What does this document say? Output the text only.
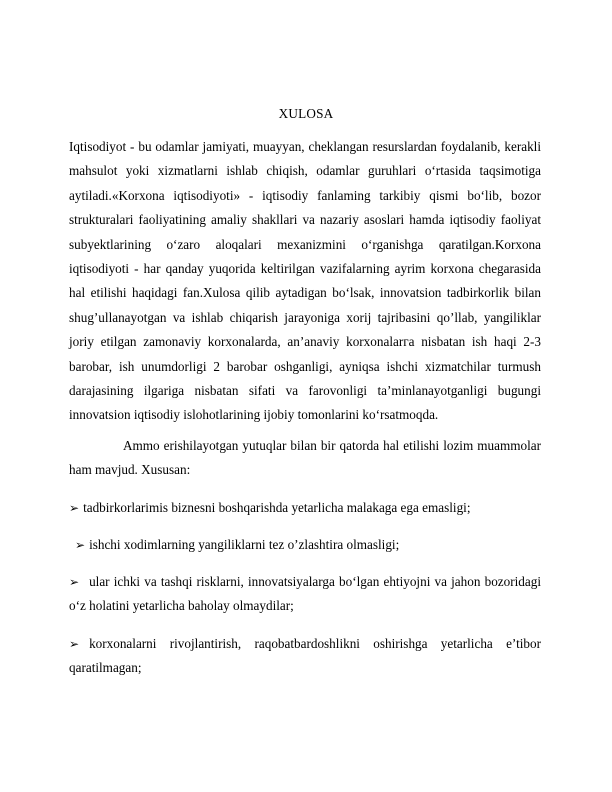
XULOSA

Iqtisodiyot - bu odamlar jamiyati, muayyan, cheklangan resurslardan foydalanib, kerakli mahsulot yoki xizmatlarni ishlab chiqish, odamlar guruhlari o‘rtasida taqsimotiga aytiladi.«Korxona iqtisodiyoti» - iqtisodiy fanlaming tarkibiy qismi bo‘lib, bozor strukturalari faoliyatining amaliy shakllari va nazariy asoslari hamda iqtisodiy faoliyat subyektlarining o‘zaro aloqalari mexanizmini o‘rganishga qaratilgan.Korxona iqtisodiyoti - har qanday yuqorida keltirilgan vazifalarning ayrim korxona chegarasida hal etilishi haqidagi fan.Xulosa qilib aytadigan bo‘lsak, innovatsion tadbirkorlik bilan shug’ullanayotgan va ishlab chiqarish jarayoniga xorij tajribasini qo’llab, yangiliklar joriy etilgan zamonaviy korxonalarda, an’anaviy korxonalarга nisbatan ish haqi 2-3 barobar, ish unumdorligi 2 barobar oshganligi, ayniqsa ishchi xizmatchilar turmush darajasining ilgariga nisbatan sifati va farovonligi ta’minlanayotganligi bugungi innovatsion iqtisodiy islohotlarining ijobiy tomonlarini ko‘rsatmoqda.

Ammo erishilayotgan yutuqlar bilan bir qatorda hal etilishi lozim muammolar ham mavjud. Xususan:

➢ tadbirkorlarimis biznesni boshqarishda yetarlicha malakaga ega emasligi;

➢ ishchi xodimlarning yangiliklarni tez o’zlashtira olmasligi;

➢ ular ichki va tashqi risklarni, innovatsiyalarga bo‘lgan ehtiyojni va jahon bozoridagi o‘z holatini yetarlicha baholay olmaydilar;

➢ korxonalarni rivojlantirish, raqobatbardoshlikni oshirishga yetarlicha e’tibor qaratilmagan;
